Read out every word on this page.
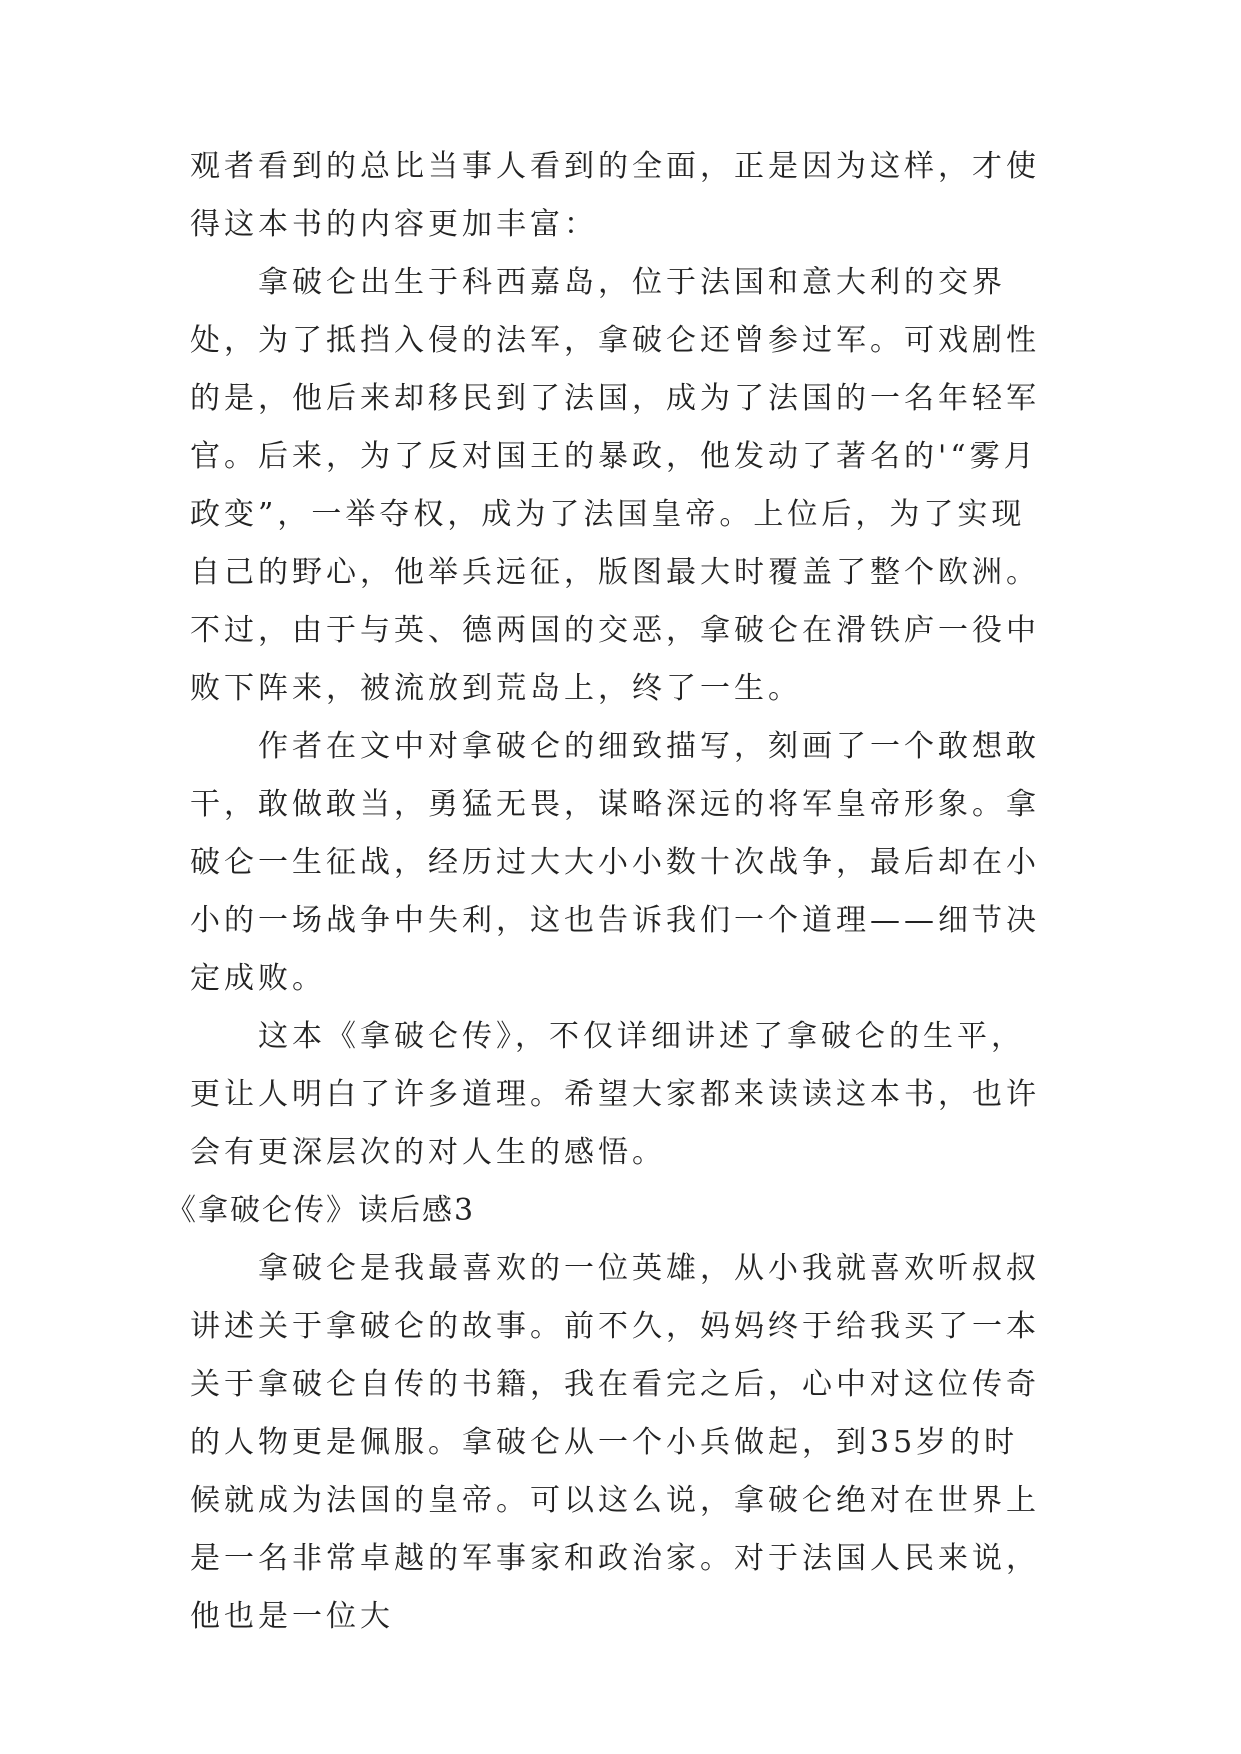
观者看到的总比当事人看到的全面，正是因为这样，才使得这本书的内容更加丰富：

拿破仑出生于科西嘉岛，位于法国和意大利的交界处，为了抵挡入侵的法军，拿破仑还曾参过军。可戏剧性的是，他后来却移民到了法国，成为了法国的一名年轻军官。后来，为了反对国王的暴政，他发动了著名的'“雾月政变”，一举夺权，成为了法国皇帝。上位后，为了实现自己的野心，他举兵远征，版图最大时覆盖了整个欧洲。不过，由于与英、德两国的交恶，拿破仑在滑铁庐一役中败下阵来，被流放到荒岛上，终了一生。

作者在文中对拿破仑的细致描写，刻画了一个敢想敢干，敢做敢当，勇猛无畏，谋略深远的将军皇帝形象。拿破仑一生征战，经历过大大小小数十次战争，最后却在小小的一场战争中失利，这也告诉我们一个道理——细节决定成败。

这本《拿破仑传》，不仅详细讲述了拿破仑的生平，更让人明白了许多道理。希望大家都来读读这本书，也许会有更深层次的对人生的感悟。

《拿破仑传》读后感3

拿破仑是我最喜欢的一位英雄，从小我就喜欢听叔叔讲述关于拿破仑的故事。前不久，妈妈终于给我买了一本关于拿破仑自传的书籍，我在看完之后，心中对这位传奇的人物更是佩服。拿破仑从一个小兵做起，到35岁的时候就成为法国的皇帝。可以这么说，拿破仑绝对在世界上是一名非常卓越的军事家和政治家。对于法国人民来说，他也是一位大
